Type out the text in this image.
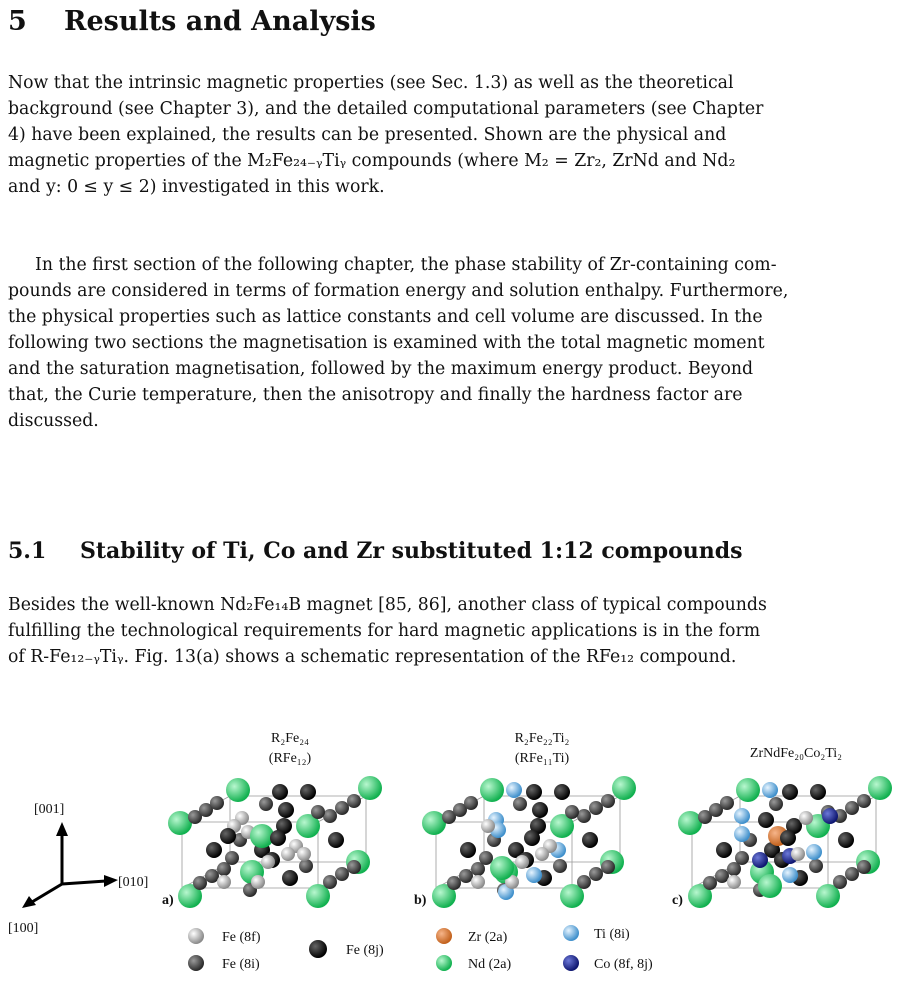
5 Results and Analysis
Now that the intrinsic magnetic properties (see Sec. 1.3) as well as the theoretical
background (see Chapter 3), and the detailed computational parameters (see Chapter
4) have been explained, the results can be presented. Shown are the physical and
magnetic properties of the M₂Fe₂₄₋ᵧTiᵧ compounds (where M₂ = Zr₂, ZrNd and Nd₂
and y: 0 ≤ y ≤ 2) investigated in this work.
In the first section of the following chapter, the phase stability of Zr-containing com-
pounds are considered in terms of formation energy and solution enthalpy. Furthermore,
the physical properties such as lattice constants and cell volume are discussed. In the
following two sections the magnetisation is examined with the total magnetic moment
and the saturation magnetisation, followed by the maximum energy product. Beyond
that, the Curie temperature, then the anisotropy and finally the hardness factor are
discussed.
5.1 Stability of Ti, Co and Zr substituted 1:12 compounds
Besides the well-known Nd₂Fe₁₄B magnet [85, 86], another class of typical compounds
fulfilling the technological requirements for hard magnetic applications is in the form
of R-Fe₁₂₋ᵧTiᵧ. Fig. 13(a) shows a schematic representation of the RFe₁₂ compound.
[001]
[010]
[100]
R₂Fe₂₄
(RFe₁₂)
R₂Fe₂₂Ti₂
(RFe₁₁Ti)	ZrNdFe₂₀Co₂Ti₂
a)	b)	c)
Fe (8f)
Fe (8i)
Fe (8j)
Zr (2a)
Nd (2a)
Ti (8i)
Co (8f, 8j)
